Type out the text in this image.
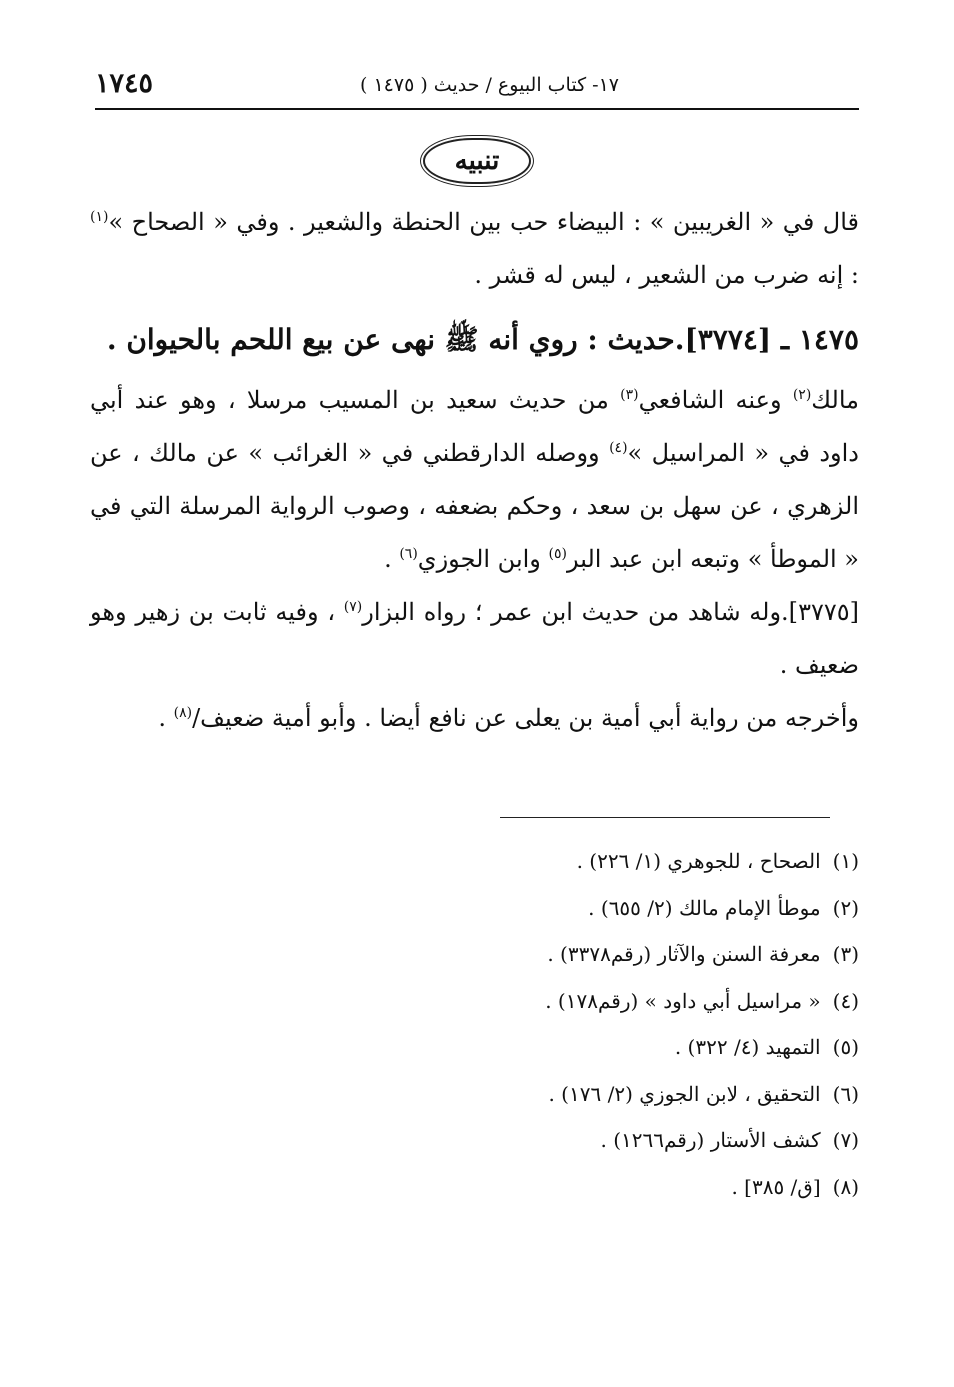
١٧٤٥	١٧- كتاب البيوع / حديث ( ١٤٧٥ )
تنبيه

قال في « الغريبين » : البيضاء حب بين الحنطة والشعير . وفي « الصحاح »$^{(١)}$ : إنه ضرب من الشعير ، ليس له قشر .

١٤٧٥ ـ [٣٧٧٤].حديث : روي أنه ﷺ نهى عن بيع اللحم بالحيوان .

مالك$^{(٢)}$ وعنه الشافعي$^{(٣)}$ من حديث سعيد بن المسيب مرسلا ، وهو عند أبي داود في « المراسيل »$^{(٤)}$ ووصله الدارقطني في « الغرائب » عن مالك ، عن الزهري ، عن سهل بن سعد ، وحكم بضعفه ، وصوب الرواية المرسلة التي في « الموطأ » وتبعه ابن عبد البر$^{(٥)}$ وابن الجوزي$^{(٦)}$ .

[٣٧٧٥].وله شاهد من حديث ابن عمر ؛ رواه البزار$^{(٧)}$ ، وفيه ثابت بن زهير وهو ضعيف .

وأخرجه من رواية أبي أمية بن يعلى عن نافع أيضا . وأبو أمية ضعيف/$^{(٨)}$ .

(١)الصحاح ، للجوهري (١/ ٢٢٦) .
(٢)موطأ الإمام مالك (٢/ ٦٥٥) .
(٣)معرفة السنن والآثار (رقم٣٣٧٨) .
(٤)« مراسيل أبي داود » (رقم١٧٨) .
(٥)التمهيد (٤/ ٣٢٢) .
(٦)التحقيق ، لابن الجوزي (٢/ ١٧٦) .
(٧)كشف الأستار (رقم١٢٦٦) .
(٨)[ق/ ٣٨٥] .
